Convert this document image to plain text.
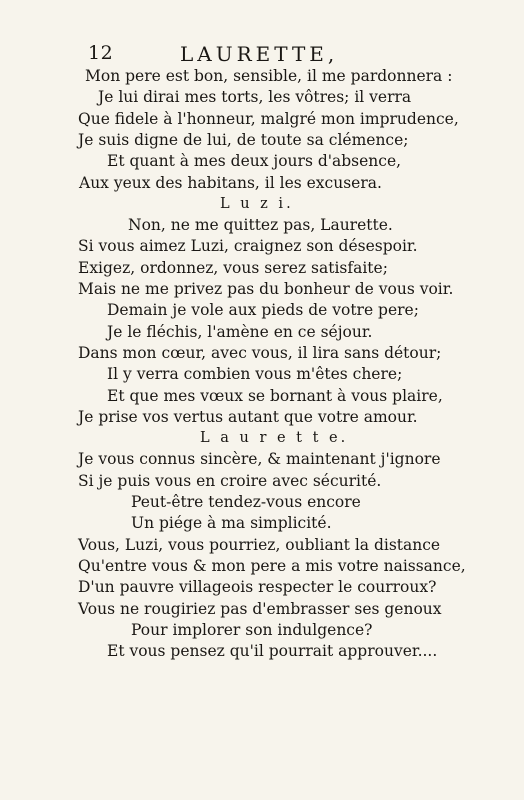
12	LAURETTE,
Mon pere est bon, sensible, il me pardonnera :
Je lui dirai mes torts, les vôtres; il verra
Que fidele à l'honneur, malgré mon imprudence,
Je suis digne de lui, de toute sa clémence;
Et quant à mes deux jours d'absence,
Aux yeux des habitans, il les excusera.
L u z i.
Non, ne me quittez pas, Laurette.
Si vous aimez Luzi, craignez son désespoir.
Exigez, ordonnez, vous serez satisfaite;
Mais ne me privez pas du bonheur de vous voir.
Demain je vole aux pieds de votre pere;
Je le fléchis, l'amène en ce séjour.
Dans mon cœur, avec vous, il lira sans détour;
Il y verra combien vous m'êtes chere;
Et que mes vœux se bornant à vous plaire,
Je prise vos vertus autant que votre amour.
L a u r e t t e.
Je vous connus sincère, & maintenant j'ignore
Si je puis vous en croire avec sécurité.
Peut-être tendez-vous encore
Un piége à ma simplicité.
Vous, Luzi, vous pourriez, oubliant la distance
Qu'entre vous & mon pere a mis votre naissance,
D'un pauvre villageois respecter le courroux?
Vous ne rougiriez pas d'embrasser ses genoux
Pour implorer son indulgence?
Et vous pensez qu'il pourrait approuver....
